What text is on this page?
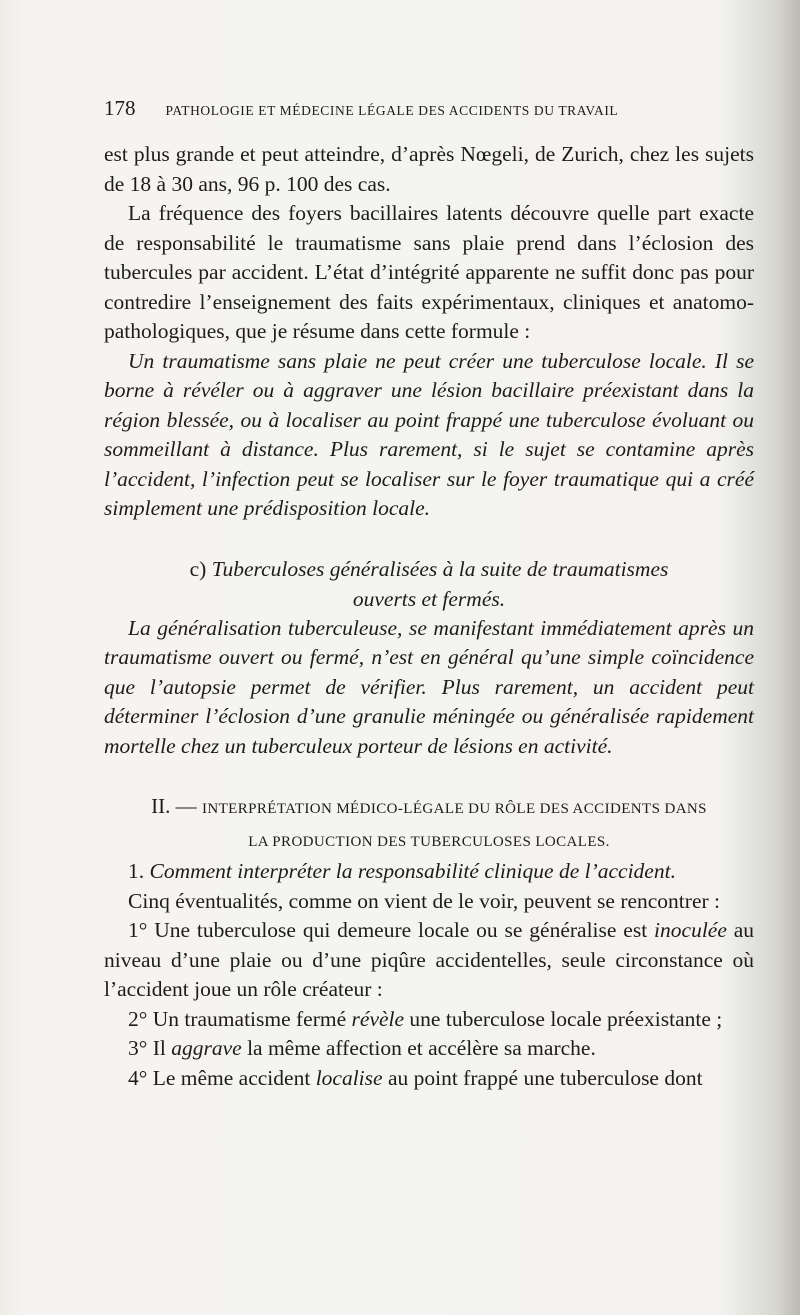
178 PATHOLOGIE ET MÉDECINE LÉGALE DES ACCIDENTS DU TRAVAIL

est plus grande et peut atteindre, d’après Nœgeli, de Zurich, chez les sujets de 18 à 30 ans, 96 p. 100 des cas.

La fréquence des foyers bacillaires latents découvre quelle part exacte de responsabilité le traumatisme sans plaie prend dans l’éclosion des tubercules par accident. L’état d’intégrité apparente ne suffit donc pas pour contredire l’enseignement des faits expérimentaux, cliniques et anatomo-pathologiques, que je résume dans cette formule :

Un traumatisme sans plaie ne peut créer une tuberculose locale. Il se borne à révéler ou à aggraver une lésion bacillaire préexistant dans la région blessée, ou à localiser au point frappé une tuberculose évoluant ou sommeillant à distance. Plus rarement, si le sujet se contamine après l’accident, l’infection peut se localiser sur le foyer traumatique qui a créé simplement une prédisposition locale.

c) Tuberculoses généralisées à la suite de traumatismes
ouverts et fermés.

La généralisation tuberculeuse, se manifestant immédiatement après un traumatisme ouvert ou fermé, n’est en général qu’une simple coïncidence que l’autopsie permet de vérifier. Plus rarement, un accident peut déterminer l’éclosion d’une granulie méningée ou généralisée rapidement mortelle chez un tuberculeux porteur de lésions en activité.

II. — INTERPRÉTATION MÉDICO-LÉGALE DU RÔLE DES ACCIDENTS DANS
LA PRODUCTION DES TUBERCULOSES LOCALES.

1. Comment interpréter la responsabilité clinique de l’accident.

Cinq éventualités, comme on vient de le voir, peuvent se rencontrer :

1° Une tuberculose qui demeure locale ou se généralise est inoculée au niveau d’une plaie ou d’une piqûre accidentelles, seule circonstance où l’accident joue un rôle créateur :

2° Un traumatisme fermé révèle une tuberculose locale préexistante ;

3° Il aggrave la même affection et accélère sa marche.

4° Le même accident localise au point frappé une tuberculose dont
